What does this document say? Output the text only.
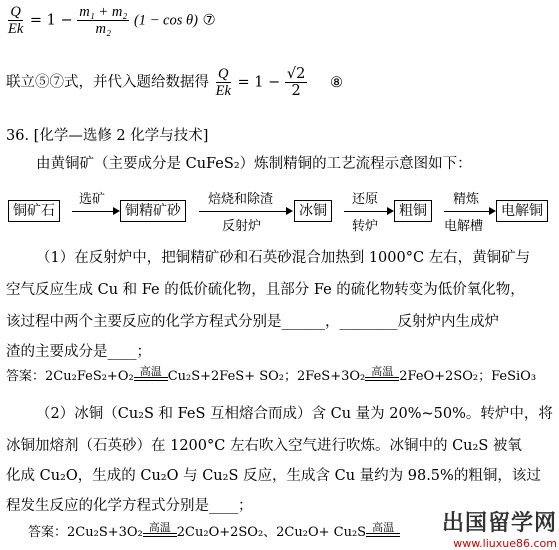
$\frac{Q}{Ek} = 1 - \frac{\text{m₁ + m₂}}{\text{m₂}} (1 - \cos \theta)$ ⑦
联立⑤⑦式，并代入题给数据得 $\frac{Q}{Ek} = 1 - \frac{√2}{2}$ ⑧
36. [化学—选修 2 化学与技术]
由黄铜矿（主要成分是 CuFeS₂）炼制精铜的工艺流程示意图如下：
铜矿石
选矿
铜精矿砂
焙烧和除渣
反射炉
冰铜
还原
转炉
粗铜
精炼
电解槽
电解铜
（1）在反射炉中，把铜精矿砂和石英砂混合加热到 1000°C 左右，黄铜矿与
空气反应生成 Cu 和 Fe 的低价硫化物，且部分 Fe 的硫化物转变为低价氧化物，
该过程中两个主要反应的化学方程式分别是______，________反射炉内生成炉
渣的主要成分是____；
答案：2Cu₂FeS₂+O₂ 高温 Cu₂S+2FeS+ SO₂；2FeS+3O₂ 高温 2FeO+2SO₂；FeSiO₃
（2）冰铜（Cu₂S 和 FeS 互相熔合而成）含 Cu 量为 20%~50%。转炉中，将
冰铜加熔剂（石英砂）在 1200°C 左右吹入空气进行吹炼。冰铜中的 Cu₂S 被氧
化成 Cu₂O，生成的 Cu₂O 与 Cu₂S 反应，生成含 Cu 量约为 98.5%的粗铜，该过
程发生反应的化学方程式分别是____；
答案：2Cu₂S+3O₂ 高温 2Cu₂O+2SO₂、2Cu₂O+ Cu₂S 高温 出国留学网
www.liuxue86.com
